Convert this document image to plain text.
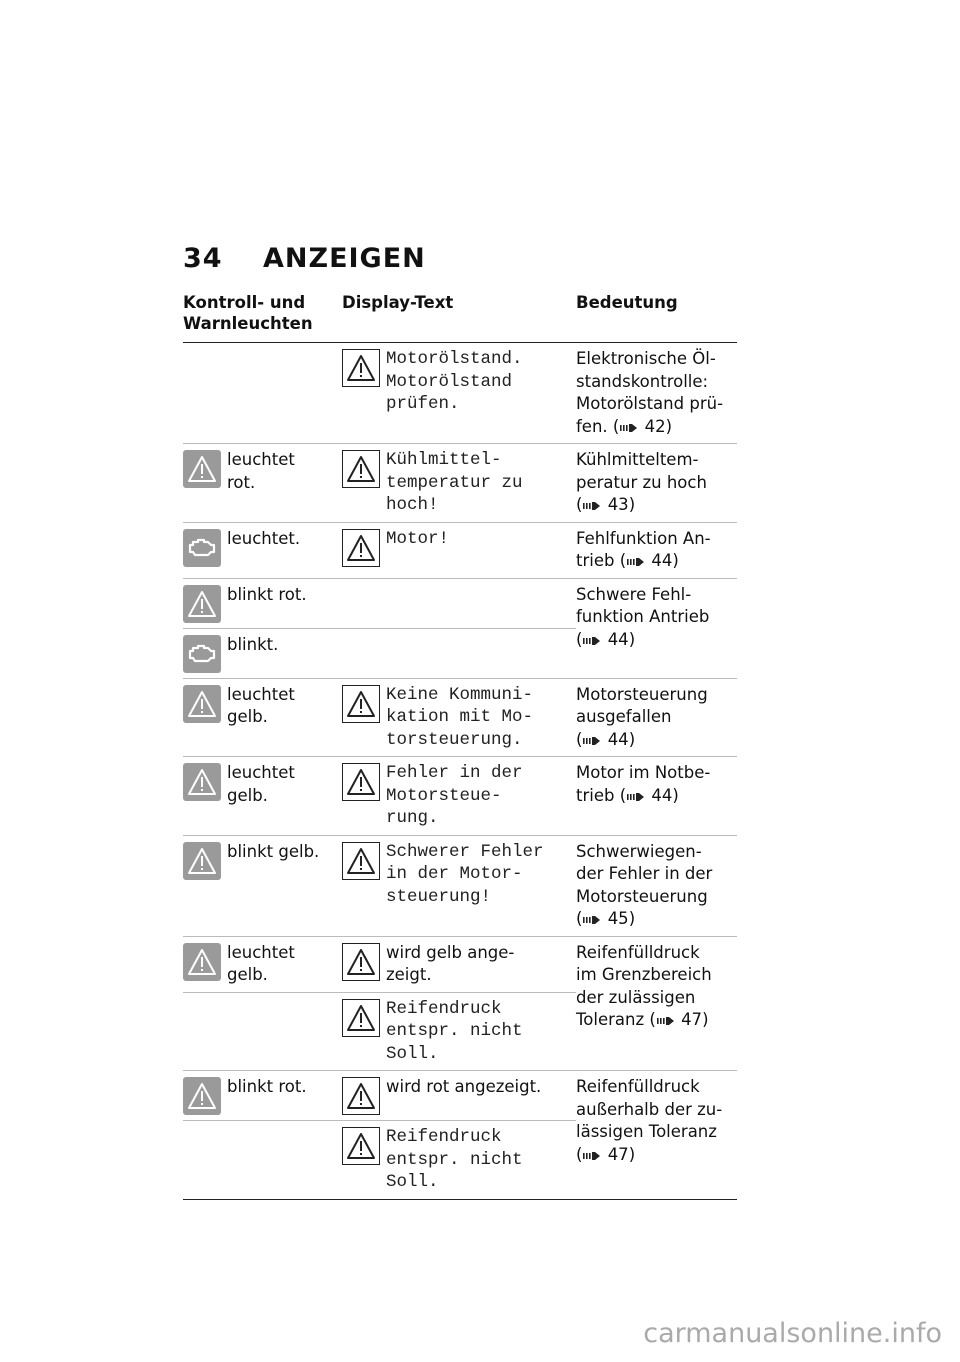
34 ANZEIGEN
Kontroll- und
Warnleuchten	Display-Text	Bedeutung

	Motorölstand.
Motorölstand
prüfen.	Elektronische Öl-
standskontrolle:
Motorölstand prü-
fen. ( 42)

leuchtet
rot.	Kühlmittel-
temperatur zu
hoch!	Kühlmitteltem-
peratur zu hoch
( 43)

leuchtet.	Motor!	Fehlfunktion An-
trieb ( 44)

blinkt rot.		Schwere Fehl-
funktion Antrieb
( 44)

blinkt.		

leuchtet
gelb.	Keine Kommuni-
kation mit Mo-
torsteuerung.	Motorsteuerung
ausgefallen
( 44)

leuchtet
gelb.	Fehler in der
Motorsteue-
rung.	Motor im Notbe-
trieb ( 44)

blinkt gelb.	Schwerer Fehler
in der Motor-
steuerung!	Schwerwiegen-
der Fehler in der
Motorsteuerung
( 45)

leuchtet
gelb.	wird gelb ange-
zeigt.	Reifenfülldruck
im Grenzbereich
der zulässigen
Toleranz ( 47)

	Reifendruck
entspr. nicht
Soll.	

blinkt rot.	wird rot angezeigt.	Reifenfülldruck
außerhalb der zu-
lässigen Toleranz
( 47)

	Reifendruck
entspr. nicht
Soll.	
carmanualsonline.info
